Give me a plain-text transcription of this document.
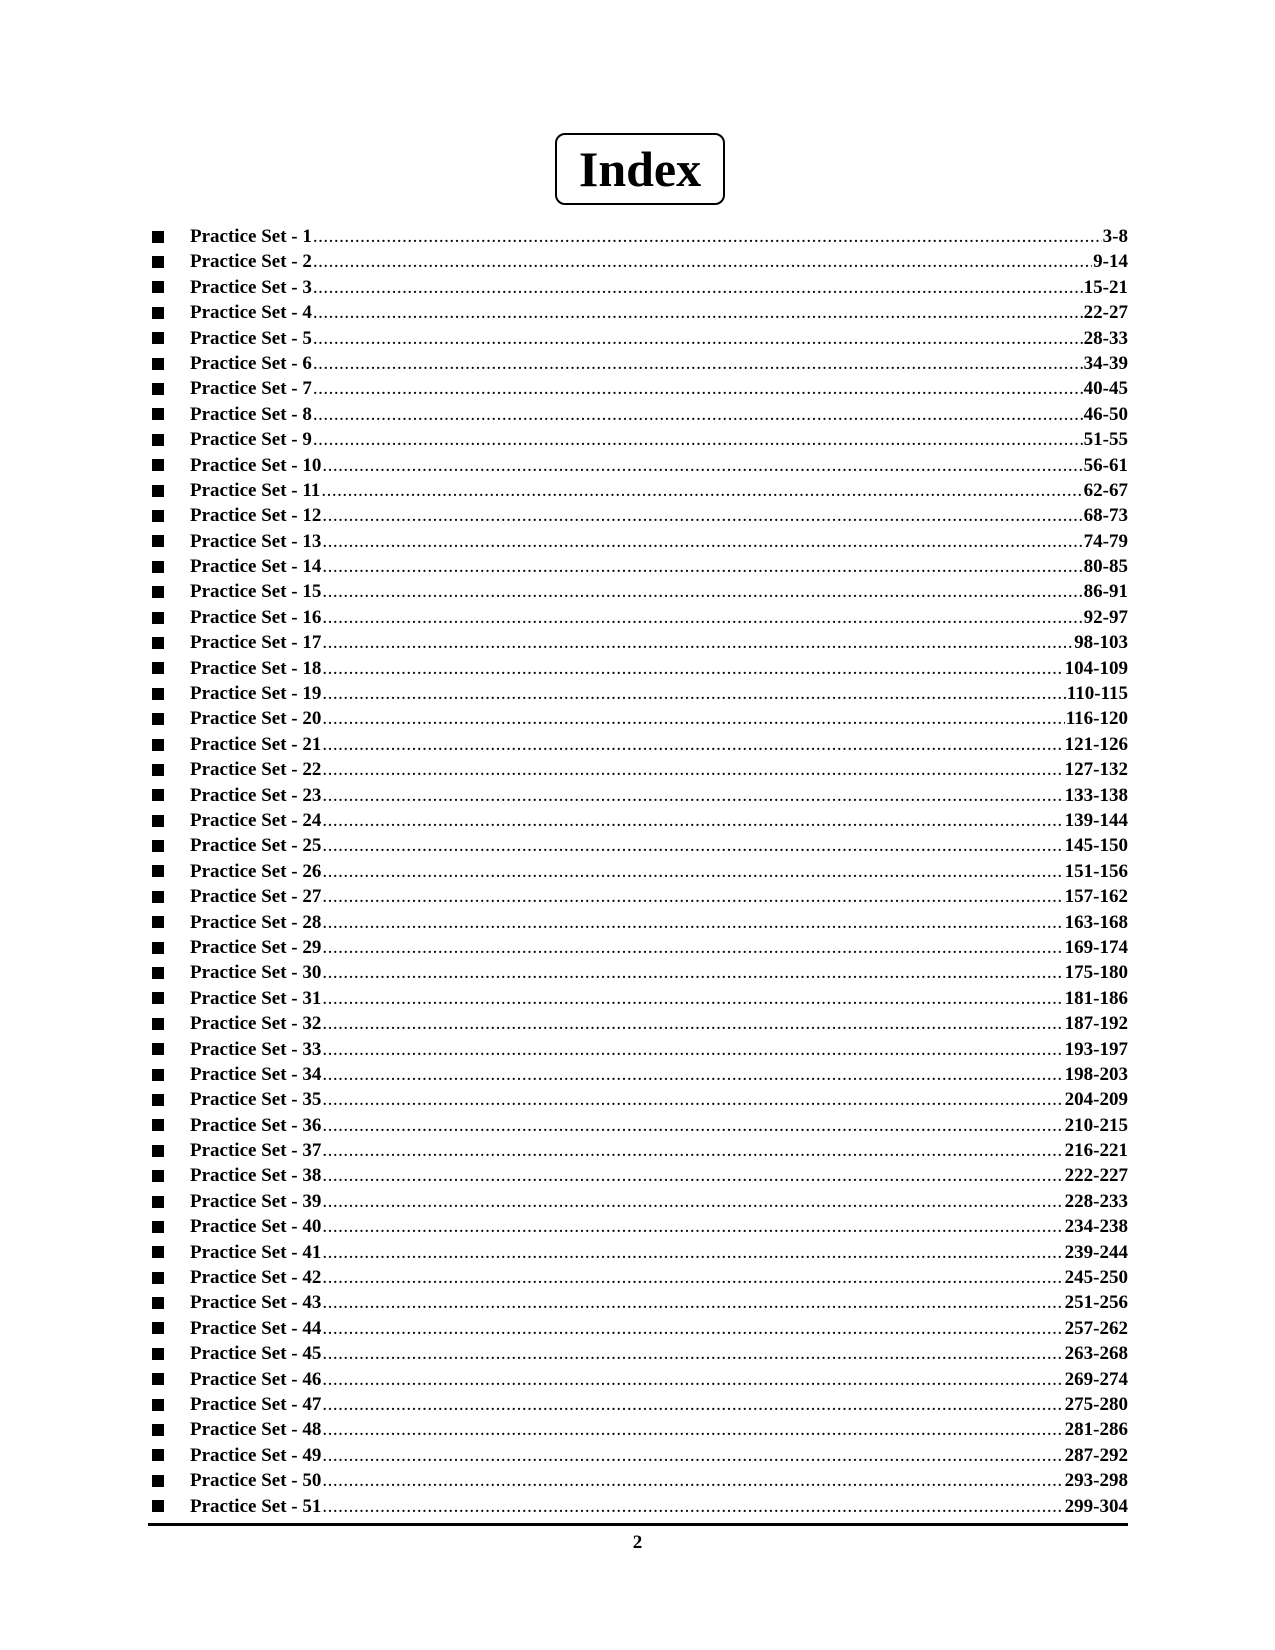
Index
Practice Set - 1 .....	3-8
Practice Set - 2 .....	9-14
Practice Set - 3 .....	15-21
Practice Set - 4 .....	22-27
Practice Set - 5 .....	28-33
Practice Set - 6 .....	34-39
Practice Set - 7 .....	40-45
Practice Set - 8 .....	46-50
Practice Set - 9 .....	51-55
Practice Set - 10 .....	56-61
Practice Set - 11 .....	62-67
Practice Set - 12 .....	68-73
Practice Set - 13 .....	74-79
Practice Set - 14 .....	80-85
Practice Set - 15 .....	86-91
Practice Set - 16 .....	92-97
Practice Set - 17 .....	98-103
Practice Set - 18 .....	104-109
Practice Set - 19 .....	110-115
Practice Set - 20 .....	116-120
Practice Set - 21 .....	121-126
Practice Set - 22 .....	127-132
Practice Set - 23 .....	133-138
Practice Set - 24 .....	139-144
Practice Set - 25 .....	145-150
Practice Set - 26 .....	151-156
Practice Set - 27 .....	157-162
Practice Set - 28 .....	163-168
Practice Set - 29 .....	169-174
Practice Set - 30 .....	175-180
Practice Set - 31 .....	181-186
Practice Set - 32 .....	187-192
Practice Set - 33 .....	193-197
Practice Set - 34 .....	198-203
Practice Set - 35 .....	204-209
Practice Set - 36 .....	210-215
Practice Set - 37 .....	216-221
Practice Set - 38 .....	222-227
Practice Set - 39 .....	228-233
Practice Set - 40 .....	234-238
Practice Set - 41 .....	239-244
Practice Set - 42 .....	245-250
Practice Set - 43 .....	251-256
Practice Set - 44 .....	257-262
Practice Set - 45 .....	263-268
Practice Set - 46 .....	269-274
Practice Set - 47 .....	275-280
Practice Set - 48 .....	281-286
Practice Set - 49 .....	287-292
Practice Set - 50 .....	293-298
Practice Set - 51 .....	299-304
2
